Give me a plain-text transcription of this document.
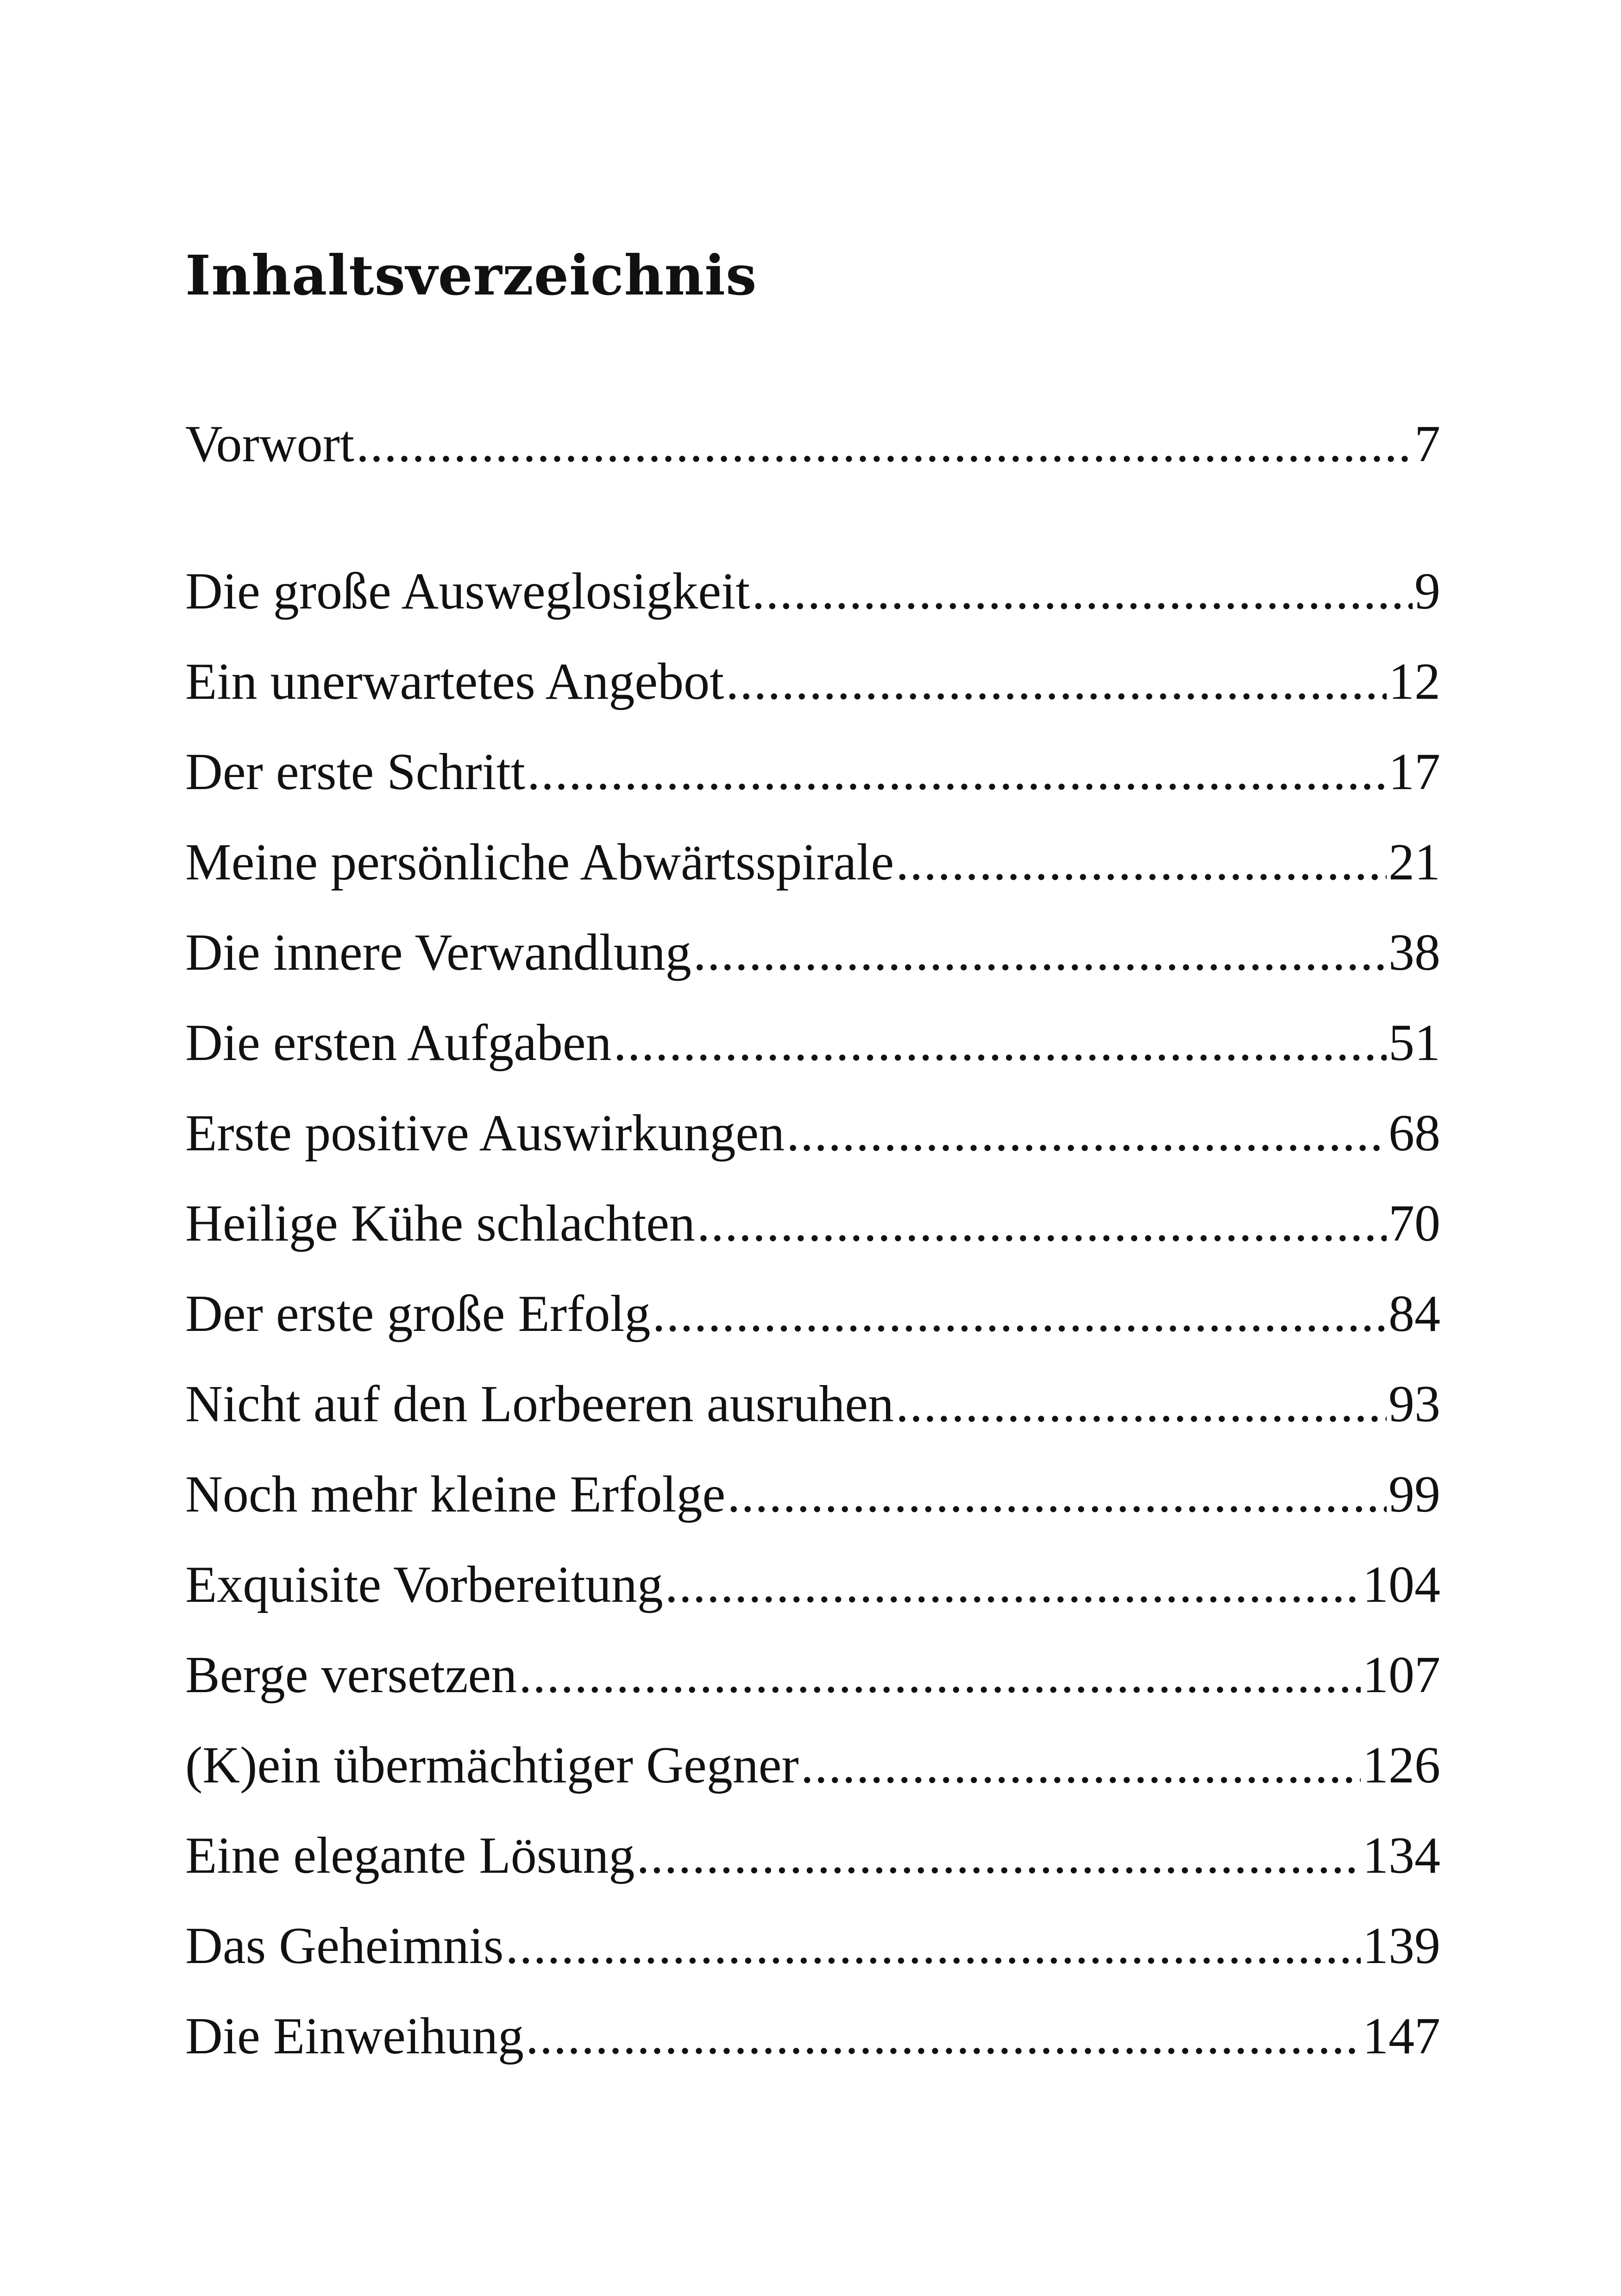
Inhaltsverzeichnis
Vorwort .....	7
Die große Ausweglosigkeit .....	9
Ein unerwartetes Angebot .....	12
Der erste Schritt .....	17
Meine persönliche Abwärtsspirale .....	21
Die innere Verwandlung .....	38
Die ersten Aufgaben .....	51
Erste positive Auswirkungen .....	68
Heilige Kühe schlachten .....	70
Der erste große Erfolg .....	84
Nicht auf den Lorbeeren ausruhen .....	93
Noch mehr kleine Erfolge .....	99
Exquisite Vorbereitung .....	104
Berge versetzen .....	107
(K)ein übermächtiger Gegner .....	126
Eine elegante Lösung .....	134
Das Geheimnis .....	139
Die Einweihung .....	147
